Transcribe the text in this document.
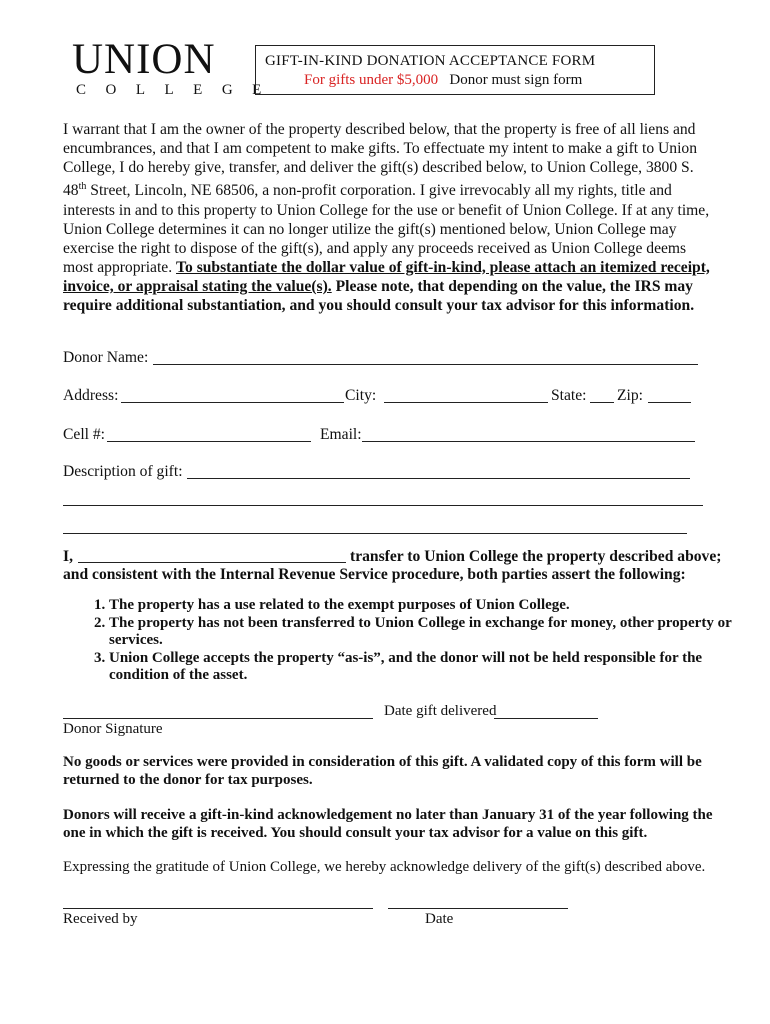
UNION
COLLEGE
GIFT-IN-KIND DONATION ACCEPTANCE FORM
For gifts under $5,000 Donor must sign form
I warrant that I am the owner of the property described below, that the property is free of all liens and encumbrances, and that I am competent to make gifts. To effectuate my intent to make a gift to Union College, I do hereby give, transfer, and deliver the gift(s) described below, to Union College, 3800 S. 48th Street, Lincoln, NE 68506, a non-profit corporation. I give irrevocably all my rights, title and interests in and to this property to Union College for the use or benefit of Union College. If at any time, Union College determines it can no longer utilize the gift(s) mentioned below, Union College may exercise the right to dispose of the gift(s), and apply any proceeds received as Union College deems most appropriate. To substantiate the dollar value of gift-in-kind, please attach an itemized receipt, invoice, or appraisal stating the value(s). Please note, that depending on the value, the IRS may require additional substantiation, and you should consult your tax advisor for this information.
Donor Name:
Address:	City:	State: Zip:
Cell #:	Email:
Description of gift:
I,	transfer to Union College the property described above;
and consistent with the Internal Revenue Service procedure, both parties assert the following:
1. The property has a use related to the exempt purposes of Union College.
2. The property has not been transferred to Union College in exchange for money, other property or services.
3. Union College accepts the property “as-is”, and the donor will not be held responsible for the condition of the asset.
Date gift delivered
Donor Signature
No goods or services were provided in consideration of this gift. A validated copy of this form will be returned to the donor for tax purposes.
Donors will receive a gift-in-kind acknowledgement no later than January 31 of the year following the one in which the gift is received. You should consult your tax advisor for a value on this gift.
Expressing the gratitude of Union College, we hereby acknowledge delivery of the gift(s) described above.
Received by	Date
